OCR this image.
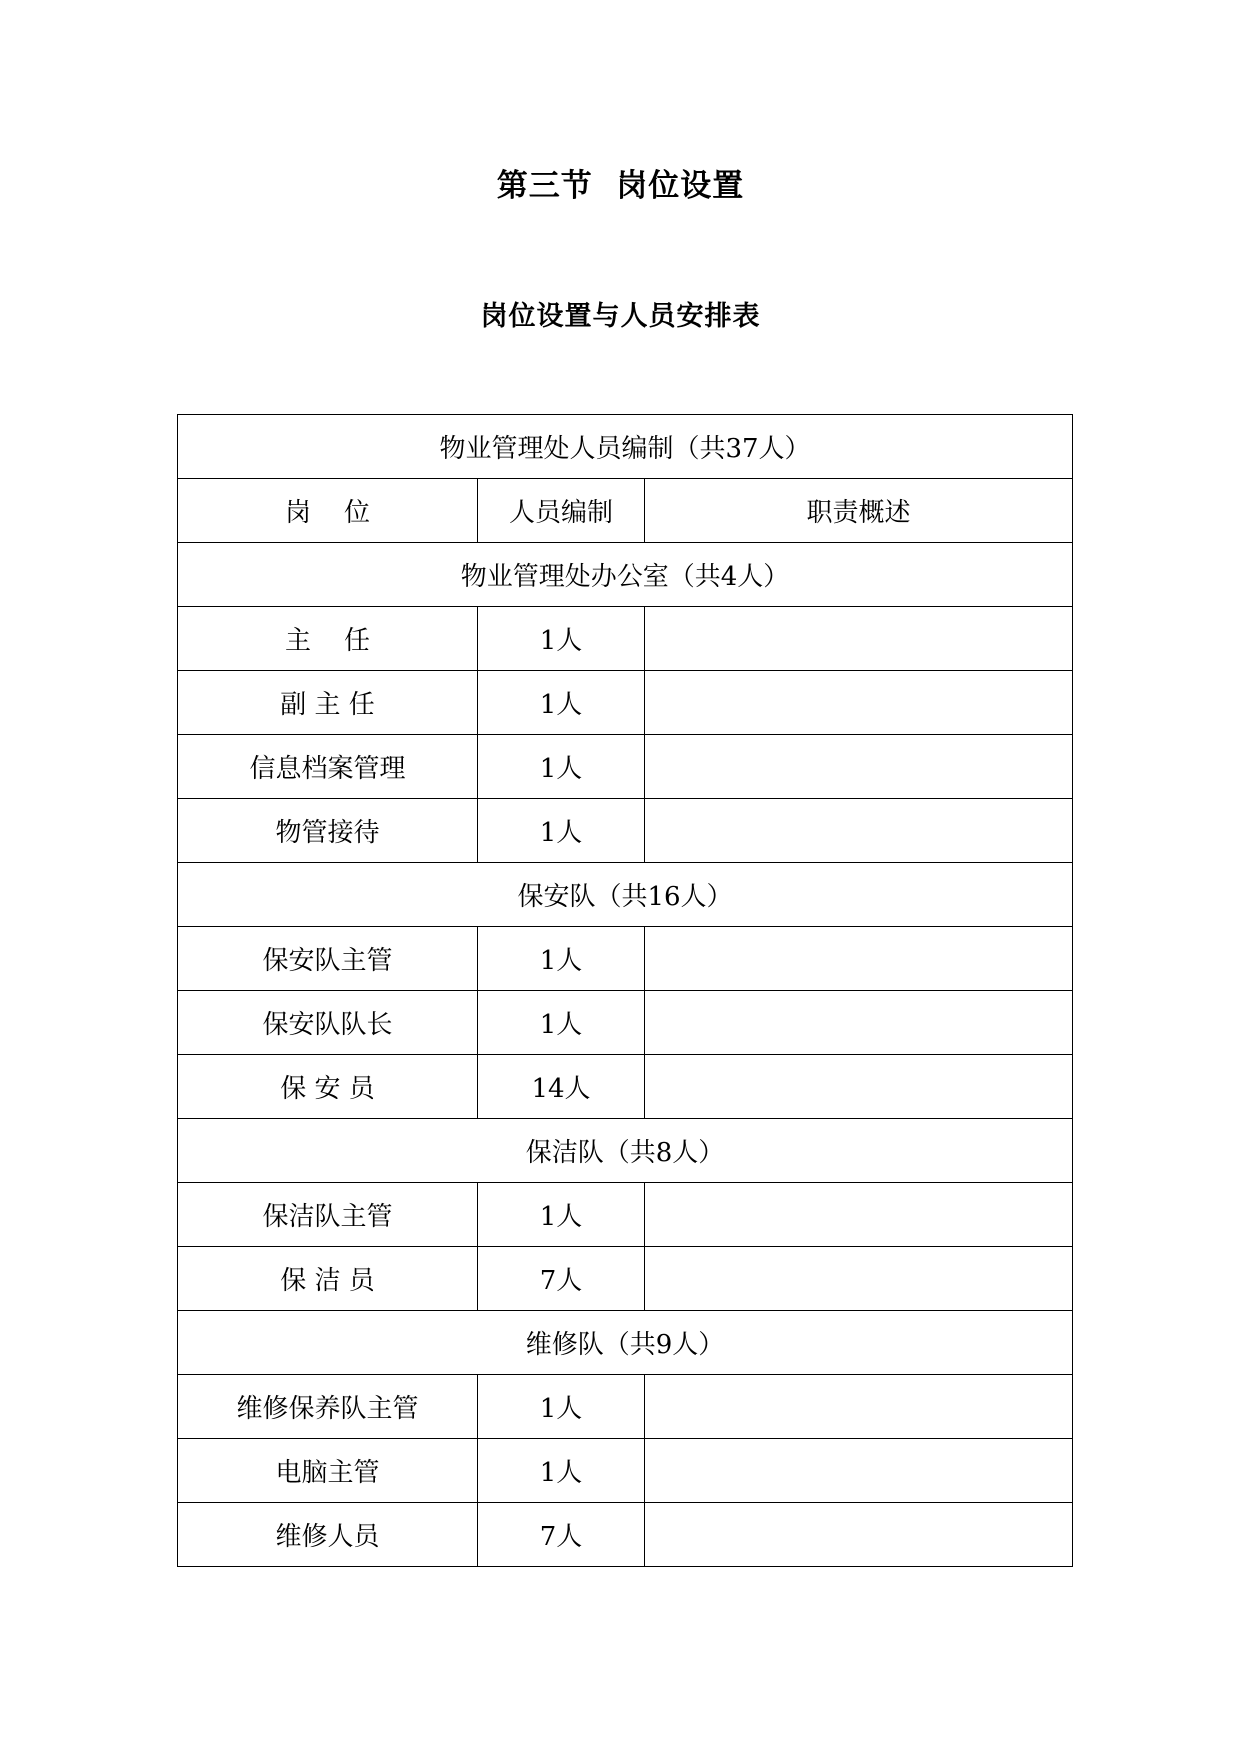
第三节  岗位设置
岗位设置与人员安排表
物业管理处人员编制（共37人）		
岗    位	人员编制	职责概述
物业管理处办公室（共4人）		
主    任	1人	
副 主 任	1人	
信息档案管理	1人	
物管接待	1人	
保安队（共16人）		
保安队主管	1人	
保安队队长	1人	
保 安 员	14人	
保洁队（共8人）		
保洁队主管	1人	
保 洁 员	7人	
维修队（共9人）		
维修保养队主管	1人	
电脑主管	1人	
维修人员	7人	
